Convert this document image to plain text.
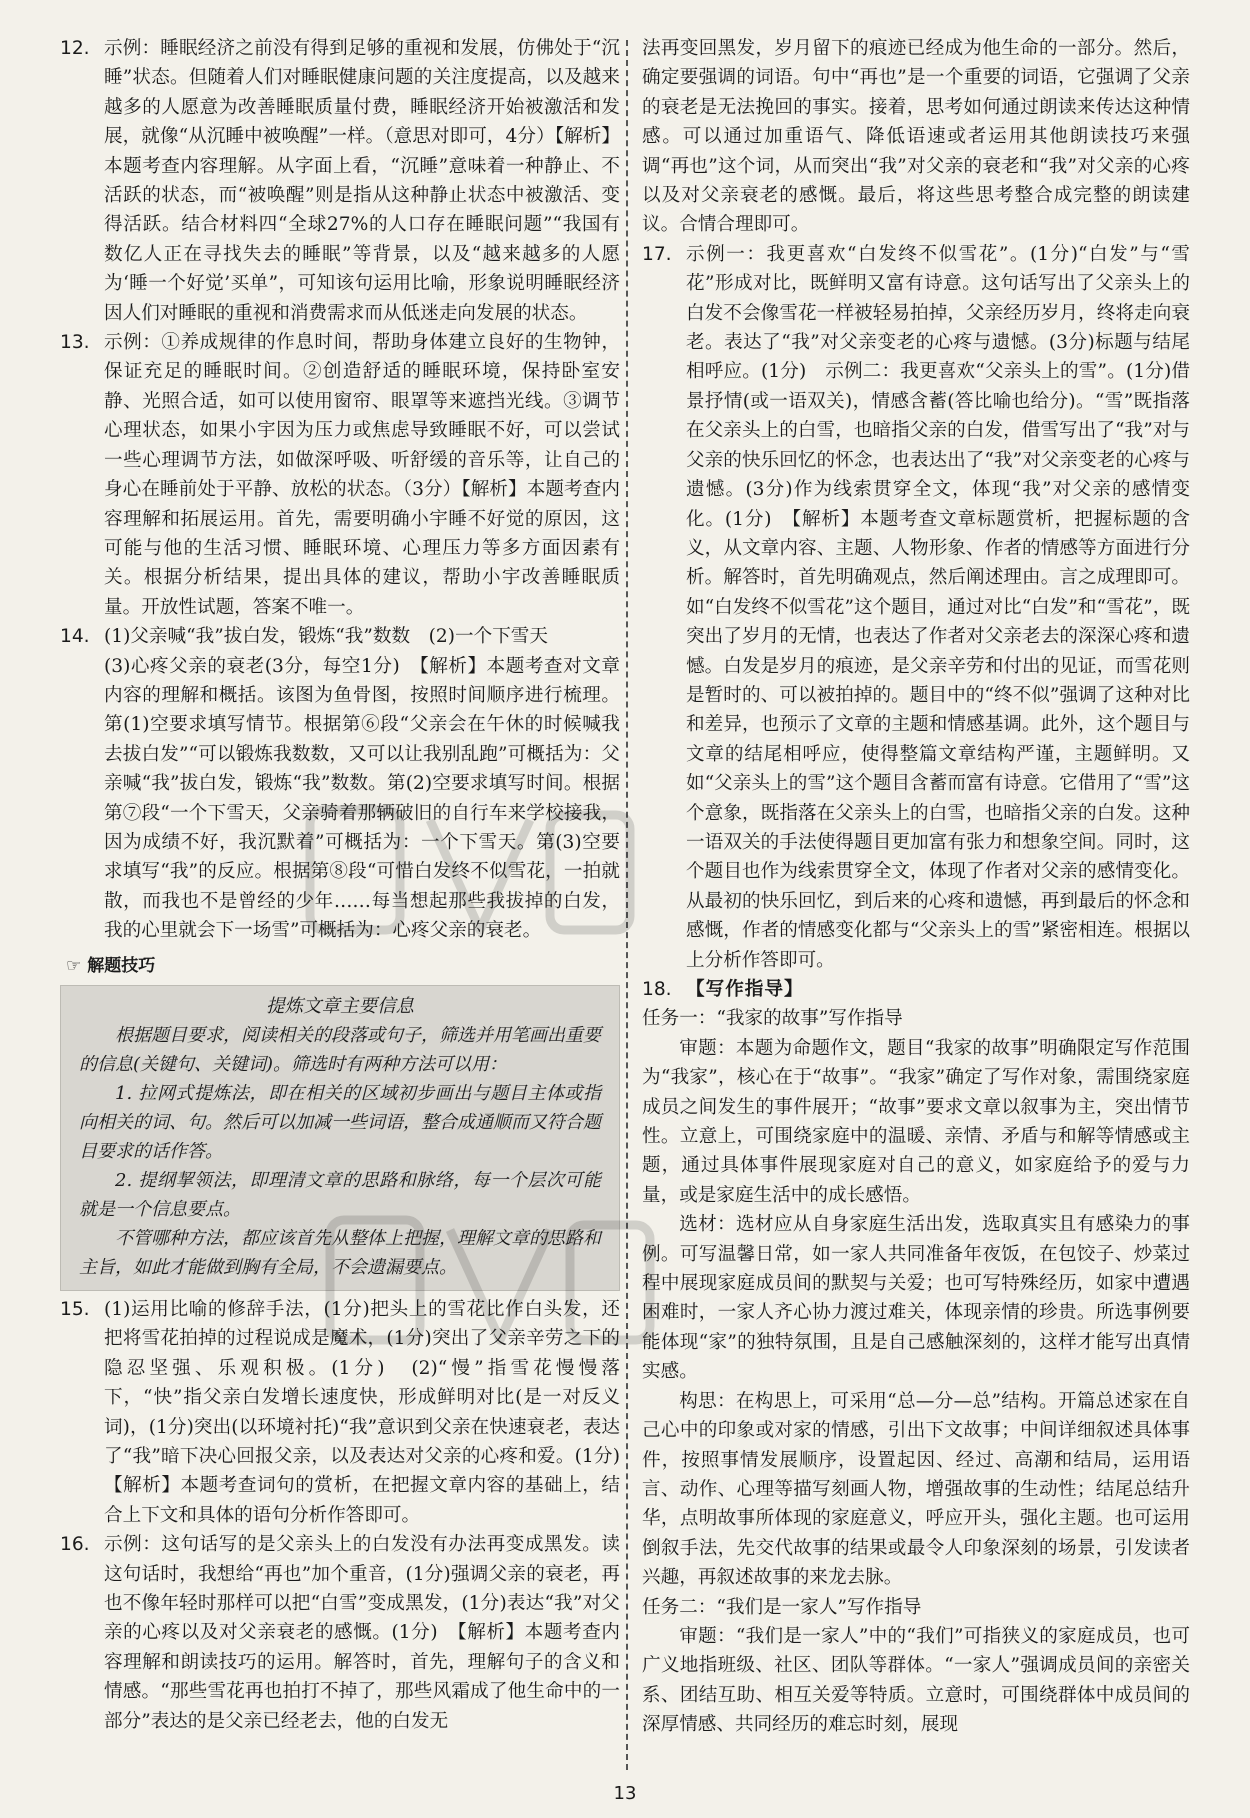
12. 示例：睡眠经济之前没有得到足够的重视和发展，仿佛处于“沉睡”状态。但随着人们对睡眠健康问题的关注度提高，以及越来越多的人愿意为改善睡眠质量付费，睡眠经济开始被激活和发展，就像“从沉睡中被唤醒”一样。（意思对即可，4分）【解析】本题考查内容理解。从字面上看，“沉睡”意味着一种静止、不活跃的状态，而“被唤醒”则是指从这种静止状态中被激活、变得活跃。结合材料四“全球27%的人口存在睡眠问题”“我国有数亿人正在寻找失去的睡眠”等背景，以及“越来越多的人愿为‘睡一个好觉’买单”，可知该句运用比喻，形象说明睡眠经济因人们对睡眠的重视和消费需求而从低迷走向发展的状态。

13. 示例：①养成规律的作息时间，帮助身体建立良好的生物钟，保证充足的睡眠时间。②创造舒适的睡眠环境，保持卧室安静、光照合适，如可以使用窗帘、眼罩等来遮挡光线。③调节心理状态，如果小宇因为压力或焦虑导致睡眠不好，可以尝试一些心理调节方法，如做深呼吸、听舒缓的音乐等，让自己的身心在睡前处于平静、放松的状态。（3分）【解析】本题考查内容理解和拓展运用。首先，需要明确小宇睡不好觉的原因，这可能与他的生活习惯、睡眠环境、心理压力等多方面因素有关。根据分析结果，提出具体的建议，帮助小宇改善睡眠质量。开放性试题，答案不唯一。

14. (1)父亲喊“我”拔白发，锻炼“我”数数　(2)一个下雪天

(3)心疼父亲的衰老(3分，每空1分)　【解析】本题考查对文章内容的理解和概括。该图为鱼骨图，按照时间顺序进行梳理。第(1)空要求填写情节。根据第⑥段“父亲会在午休的时候喊我去拔白发”“可以锻炼我数数，又可以让我别乱跑”可概括为：父亲喊“我”拔白发，锻炼“我”数数。第(2)空要求填写时间。根据第⑦段“一个下雪天，父亲骑着那辆破旧的自行车来学校接我，因为成绩不好，我沉默着”可概括为：一个下雪天。第(3)空要求填写“我”的反应。根据第⑧段“可惜白发终不似雪花，一拍就散，而我也不是曾经的少年……每当想起那些我拔掉的白发，我的心里就会下一场雪”可概括为：心疼父亲的衰老。

☞ 解题技巧

提炼文章主要信息

根据题目要求，阅读相关的段落或句子，筛选并用笔画出重要的信息(关键句、关键词)。筛选时有两种方法可以用：

1. 拉网式提炼法，即在相关的区域初步画出与题目主体或指向相关的词、句。然后可以加减一些词语，整合成通顺而又符合题目要求的话作答。

2. 提纲挈领法，即理清文章的思路和脉络，每一个层次可能就是一个信息要点。

不管哪种方法，都应该首先从整体上把握，理解文章的思路和主旨，如此才能做到胸有全局，不会遗漏要点。

15. (1)运用比喻的修辞手法，(1分)把头上的雪花比作白头发，还把将雪花拍掉的过程说成是魔术，(1分)突出了父亲辛劳之下的隐忍坚强、乐观积极。(1分)　(2)“慢”指雪花慢慢落下，“快”指父亲白发增长速度快，形成鲜明对比(是一对反义词)，(1分)突出(以环境衬托)“我”意识到父亲在快速衰老，表达了“我”暗下决心回报父亲，以及表达对父亲的心疼和爱。(1分)　【解析】本题考查词句的赏析，在把握文章内容的基础上，结合上下文和具体的语句分析作答即可。

16. 示例：这句话写的是父亲头上的白发没有办法再变成黑发。读这句话时，我想给“再也”加个重音，(1分)强调父亲的衰老，再也不像年轻时那样可以把“白雪”变成黑发，(1分)表达“我”对父亲的心疼以及对父亲衰老的感慨。(1分)　【解析】本题考查内容理解和朗读技巧的运用。解答时，首先，理解句子的含义和情感。“那些雪花再也拍打不掉了，那些风霜成了他生命中的一部分”表达的是父亲已经老去，他的白发无

法再变回黑发，岁月留下的痕迹已经成为他生命的一部分。然后，确定要强调的词语。句中“再也”是一个重要的词语，它强调了父亲的衰老是无法挽回的事实。接着，思考如何通过朗读来传达这种情感。可以通过加重语气、降低语速或者运用其他朗读技巧来强调“再也”这个词，从而突出“我”对父亲的衰老和“我”对父亲的心疼以及对父亲衰老的感慨。最后，将这些思考整合成完整的朗读建议。合情合理即可。

17. 示例一：我更喜欢“白发终不似雪花”。(1分)“白发”与“雪花”形成对比，既鲜明又富有诗意。这句话写出了父亲头上的白发不会像雪花一样被轻易拍掉，父亲经历岁月，终将走向衰老。表达了“我”对父亲变老的心疼与遗憾。(3分)标题与结尾相呼应。(1分)　示例二：我更喜欢“父亲头上的雪”。(1分)借景抒情(或一语双关)，情感含蓄(答比喻也给分)。“雪”既指落在父亲头上的白雪，也暗指父亲的白发，借雪写出了“我”对与父亲的快乐回忆的怀念，也表达出了“我”对父亲变老的心疼与遗憾。(3分)作为线索贯穿全文，体现“我”对父亲的感情变化。(1分)　【解析】本题考查文章标题赏析，把握标题的含义，从文章内容、主题、人物形象、作者的情感等方面进行分析。解答时，首先明确观点，然后阐述理由。言之成理即可。如“白发终不似雪花”这个题目，通过对比“白发”和“雪花”，既突出了岁月的无情，也表达了作者对父亲老去的深深心疼和遗憾。白发是岁月的痕迹，是父亲辛劳和付出的见证，而雪花则是暂时的、可以被拍掉的。题目中的“终不似”强调了这种对比和差异，也预示了文章的主题和情感基调。此外，这个题目与文章的结尾相呼应，使得整篇文章结构严谨，主题鲜明。又如“父亲头上的雪”这个题目含蓄而富有诗意。它借用了“雪”这个意象，既指落在父亲头上的白雪，也暗指父亲的白发。这种一语双关的手法使得题目更加富有张力和想象空间。同时，这个题目也作为线索贯穿全文，体现了作者对父亲的感情变化。从最初的快乐回忆，到后来的心疼和遗憾，再到最后的怀念和感慨，作者的情感变化都与“父亲头上的雪”紧密相连。根据以上分析作答即可。

18. 【写作指导】

任务一：“我家的故事”写作指导

审题：本题为命题作文，题目“我家的故事”明确限定写作范围为“我家”，核心在于“故事”。“我家”确定了写作对象，需围绕家庭成员之间发生的事件展开；“故事”要求文章以叙事为主，突出情节性。立意上，可围绕家庭中的温暖、亲情、矛盾与和解等情感或主题，通过具体事件展现家庭对自己的意义，如家庭给予的爱与力量，或是家庭生活中的成长感悟。

选材：选材应从自身家庭生活出发，选取真实且有感染力的事例。可写温馨日常，如一家人共同准备年夜饭，在包饺子、炒菜过程中展现家庭成员间的默契与关爱；也可写特殊经历，如家中遭遇困难时，一家人齐心协力渡过难关，体现亲情的珍贵。所选事例要能体现“家”的独特氛围，且是自己感触深刻的，这样才能写出真情实感。

构思：在构思上，可采用“总—分—总”结构。开篇总述家在自己心中的印象或对家的情感，引出下文故事；中间详细叙述具体事件，按照事情发展顺序，设置起因、经过、高潮和结局，运用语言、动作、心理等描写刻画人物，增强故事的生动性；结尾总结升华，点明故事所体现的家庭意义，呼应开头，强化主题。也可运用倒叙手法，先交代故事的结果或最令人印象深刻的场景，引发读者兴趣，再叙述故事的来龙去脉。

任务二：“我们是一家人”写作指导

审题：“我们是一家人”中的“我们”可指狭义的家庭成员，也可广义地指班级、社区、团队等群体。“一家人”强调成员间的亲密关系、团结互助、相互关爱等特质。立意时，可围绕群体中成员间的深厚情感、共同经历的难忘时刻，展现

13
